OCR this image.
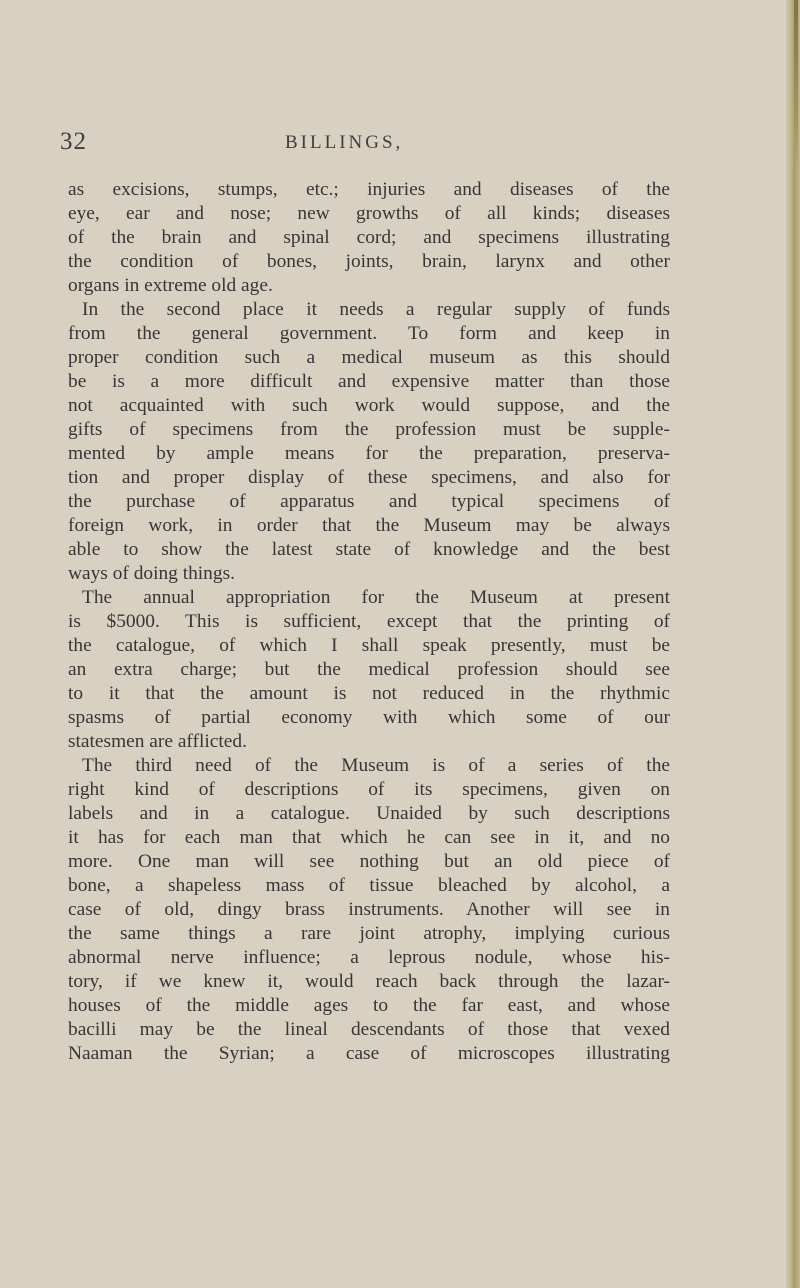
32	BILLINGS,
as excisions, stumps, etc.; injuries and diseases of the
eye, ear and nose; new growths of all kinds; diseases
of the brain and spinal cord; and specimens illustrating
the condition of bones, joints, brain, larynx and other
organs in extreme old age.
In the second place it needs a regular supply of funds
from the general government. To form and keep in
proper condition such a medical museum as this should
be is a more difficult and expensive matter than those
not acquainted with such work would suppose, and the
gifts of specimens from the profession must be supple-
mented by ample means for the preparation, preserva-
tion and proper display of these specimens, and also for
the purchase of apparatus and typical specimens of
foreign work, in order that the Museum may be always
able to show the latest state of knowledge and the best
ways of doing things.
The annual appropriation for the Museum at present
is $5000. This is sufficient, except that the printing of
the catalogue, of which I shall speak presently, must be
an extra charge; but the medical profession should see
to it that the amount is not reduced in the rhythmic
spasms of partial economy with which some of our
statesmen are afflicted.
The third need of the Museum is of a series of the
right kind of descriptions of its specimens, given on
labels and in a catalogue. Unaided by such descriptions
it has for each man that which he can see in it, and no
more. One man will see nothing but an old piece of
bone, a shapeless mass of tissue bleached by alcohol, a
case of old, dingy brass instruments. Another will see in
the same things a rare joint atrophy, implying curious
abnormal nerve influence; a leprous nodule, whose his-
tory, if we knew it, would reach back through the lazar-
houses of the middle ages to the far east, and whose
bacilli may be the lineal descendants of those that vexed
Naaman the Syrian; a case of microscopes illustrating
